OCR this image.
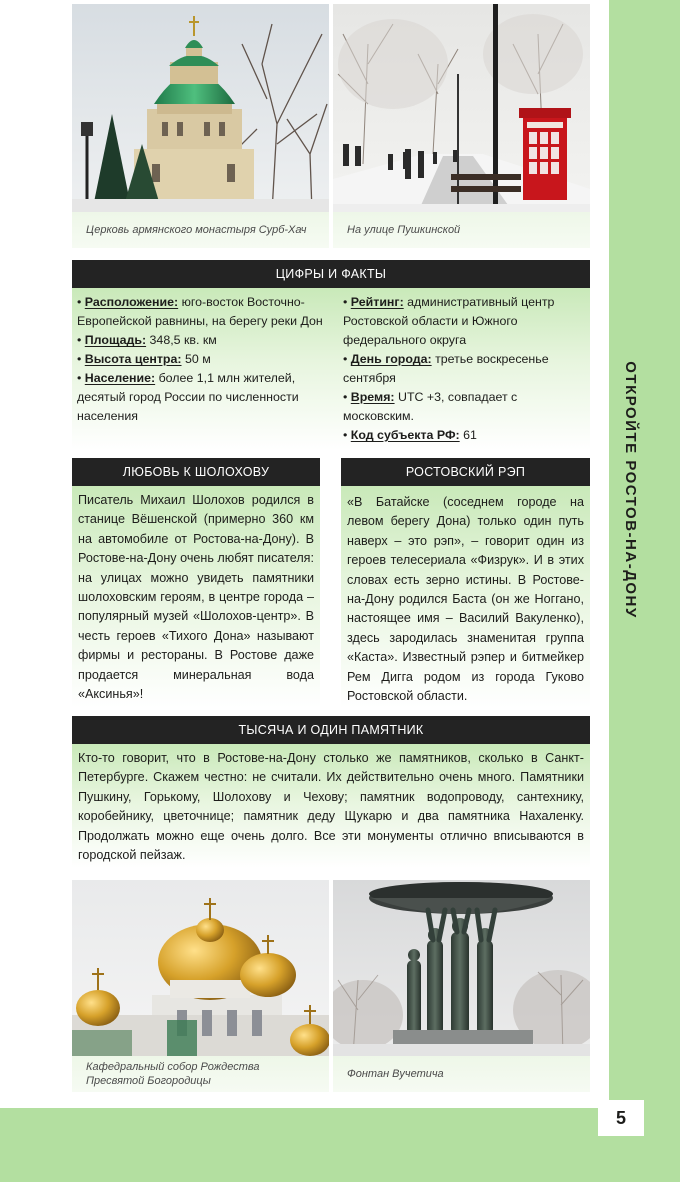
5
ОТКРОЙТЕ РОСТОВ-НА-ДОНУ
Церковь армянского монастыря Сурб-Хач	На улице Пушкинской
ЦИФРЫ И ФАКТЫ

• Расположение: юго-восток Восточно-Европейской равнины, на берегу реки Дон

• Площадь: 348,5 кв. км

• Высота центра: 50 м

• Население: более 1,1 млн жителей, десятый город России по численности населения

• Рейтинг: административный центр Ростовской области и Южного федерального округа

• День города: третье воскресенье сентября

• Время: UTC +3, совпадает с московским.

• Код субъекта РФ: 61

ЛЮБОВЬ К ШОЛОХОВУ

Писатель Михаил Шолохов родился в станице Вёшенской (примерно 360 км на автомобиле от Ростова-на-Дону). В Ростове-на-Дону очень любят писателя: на улицах можно увидеть памятники шолоховским героям, в центре города – популярный музей «Шолохов-центр». В честь героев «Тихого Дона» называют фирмы и рестораны. В Ростове даже продается минеральная вода «Аксинья»!

РОСТОВСКИЙ РЭП

«В Батайске (соседнем городе на левом берегу Дона) только один путь наверх – это рэп», – говорит один из героев телесериала «Физрук». И в этих словах есть зерно истины. В Ростове-на-Дону родился Баста (он же Ноггано, настоящее имя – Василий Вакуленко), здесь зародилась знаменитая группа «Каста». Известный рэпер и битмейкер Рем Дигга родом из города Гуково Ростовской области.

ТЫСЯЧА И ОДИН ПАМЯТНИК

Кто-то говорит, что в Ростове-на-Дону столько же памятников, сколько в Санкт-Петербурге. Скажем честно: не считали. Их действительно очень много. Памятники Пушкину, Горькому, Шолохову и Чехову; памятник водопроводу, сантехнику, коробейнику, цветочнице; памятник деду Щукарю и два памятника Нахаленку. Продолжать можно еще очень долго. Все эти монументы отлично вписываются в городской пейзаж.

Кафедральный собор Рождества Пресвятой Богородицы
Фонтан Вучетича
